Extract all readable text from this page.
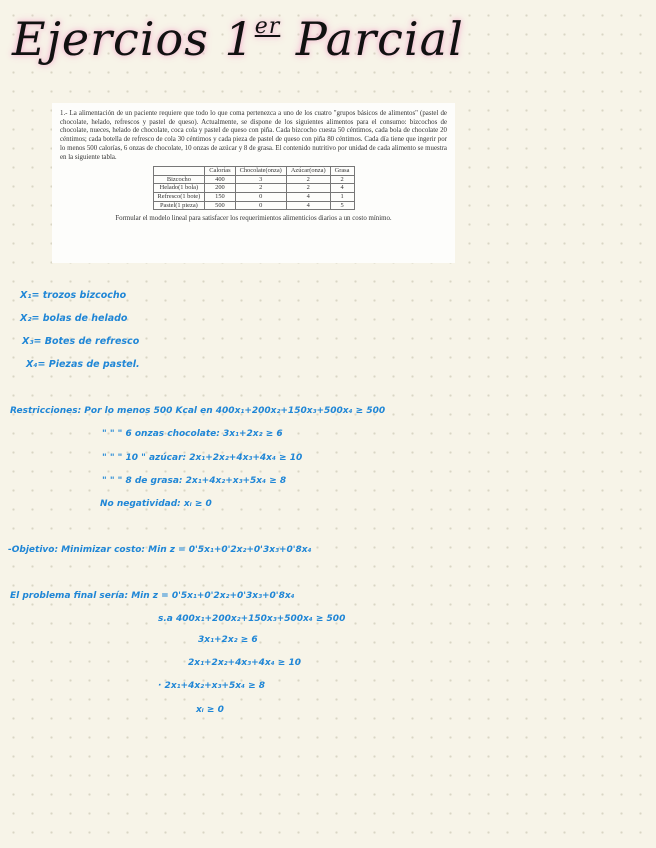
Ejercios 1er Parcial

1.- La alimentación de un paciente requiere que todo lo que coma pertenezca a uno de los cuatro "grupos básicos de alimentos" (pastel de chocolate, helado, refrescos y pastel de queso). Actualmente, se dispone de los siguientes alimentos para el consumo: bizcochos de chocolate, nueces, helado de chocolate, coca cola y pastel de queso con piña. Cada bizcocho cuesta 50 céntimos, cada bola de chocolate 20 céntimos; cada botella de refresco de cola 30 céntimos y cada pieza de pastel de queso con piña 80 céntimos. Cada día tiene que ingerir por lo menos 500 calorías, 6 onzas de chocolate, 10 onzas de azúcar y 8 de grasa. El contenido nutritivo por unidad de cada alimento se muestra en la siguiente tabla.

	Calorías	Chocolate(onza)	Azúcar(onza)	Grasa
Bizcocho	400	3	2	2
Helado(1 bola)	200	2	2	4
Refresco(1 bote)	150	0	4	1
Pastel(1 pieza)	500	0	4	5

Formular el modelo lineal para satisfacer los requerimientos alimenticios diarios a un costo mínimo.

X₁= trozos bizcocho

X₂= bolas de helado

X₃= Botes de refresco

X₄= Piezas de pastel.

Restricciones: Por lo menos 500 Kcal en 400x₁+200x₂+150x₃+500x₄ ≥ 500

" " " 6 onzas chocolate: 3x₁+2x₂ ≥ 6

" " " 10 " azúcar: 2x₁+2x₂+4x₃+4x₄ ≥ 10

" " " 8 de grasa: 2x₁+4x₂+x₃+5x₄ ≥ 8

No negatividad: xᵢ ≥ 0

-Objetivo: Minimizar costo: Min z = 0'5x₁+0'2x₂+0'3x₃+0'8x₄

El problema final sería: Min z = 0'5x₁+0'2x₂+0'3x₃+0'8x₄

s.a 400x₁+200x₂+150x₃+500x₄ ≥ 500

3x₁+2x₂ ≥ 6

2x₁+2x₂+4x₃+4x₄ ≥ 10

· 2x₁+4x₂+x₃+5x₄ ≥ 8

xᵢ ≥ 0
